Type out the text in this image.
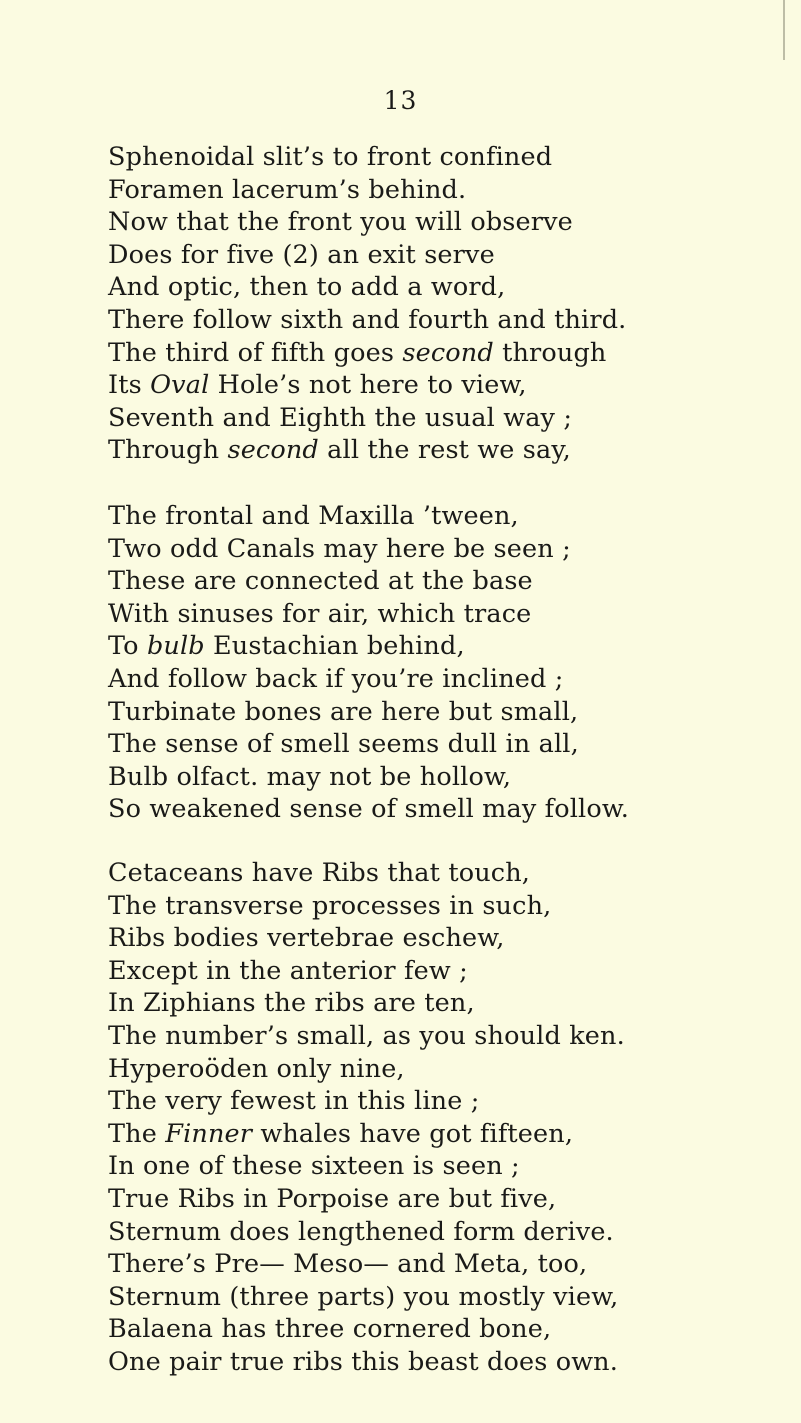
13
Sphenoidal slit’s to front confined
Foramen lacerum’s behind.
Now that the front you will observe
Does for five (2) an exit serve
And optic, then to add a word,
There follow sixth and fourth and third.
The third of fifth goes second through
Its Oval Hole’s not here to view,
Seventh and Eighth the usual way ;
Through second all the rest we say,
The frontal and Maxilla ’tween,
Two odd Canals may here be seen ;
These are connected at the base
With sinuses for air, which trace
To bulb Eustachian behind,
And follow back if you’re inclined ;
Turbinate bones are here but small,
The sense of smell seems dull in all,
Bulb olfact. may not be hollow,
So weakened sense of smell may follow.
Cetaceans have Ribs that touch,
The transverse processes in such,
Ribs bodies vertebrae eschew,
Except in the anterior few ;
In Ziphians the ribs are ten,
The number’s small, as you should ken.
Hyperoöden only nine,
The very fewest in this line ;
The Finner whales have got fifteen,
In one of these sixteen is seen ;
True Ribs in Porpoise are but five,
Sternum does lengthened form derive.
There’s Pre— Meso— and Meta, too,
Sternum (three parts) you mostly view,
Balaena has three cornered bone,
One pair true ribs this beast does own.
